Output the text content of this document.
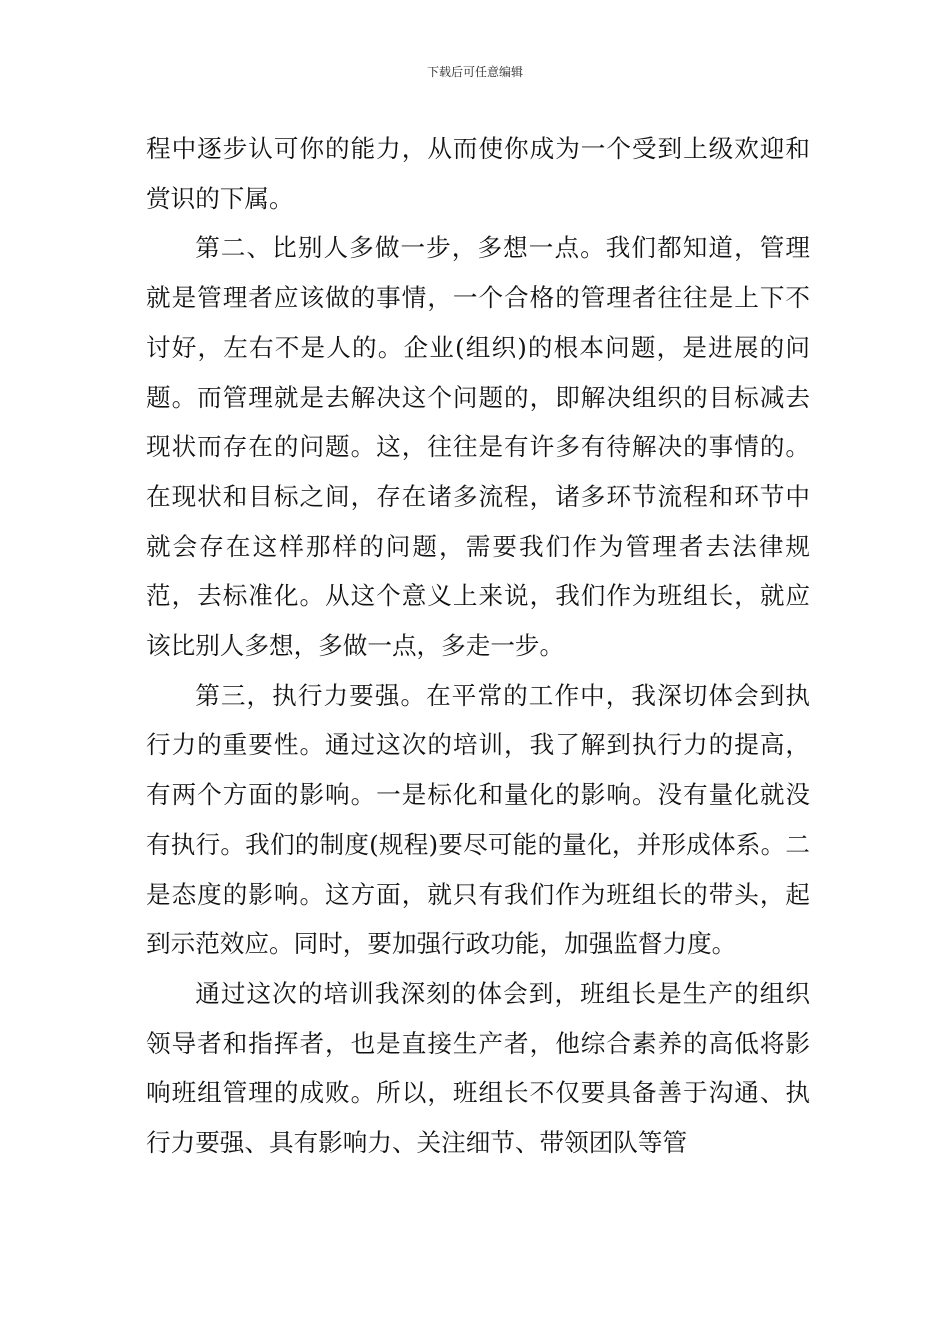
下载后可任意编辑

程中逐步认可你的能力，从而使你成为一个受到上级欢迎和赏识的下属。

第二、比别人多做一步，多想一点。我们都知道，管理就是管理者应该做的事情，一个合格的管理者往往是上下不讨好，左右不是人的。企业(组织)的根本问题，是进展的问题。而管理就是去解决这个问题的，即解决组织的目标减去现状而存在的问题。这，往往是有许多有待解决的事情的。在现状和目标之间，存在诸多流程，诸多环节流程和环节中就会存在这样那样的问题，需要我们作为管理者去法律规范，去标准化。从这个意义上来说，我们作为班组长，就应该比别人多想，多做一点，多走一步。

第三，执行力要强。在平常的工作中，我深切体会到执行力的重要性。通过这次的培训，我了解到执行力的提高，有两个方面的影响。一是标化和量化的影响。没有量化就没有执行。我们的制度(规程)要尽可能的量化，并形成体系。二是态度的影响。这方面，就只有我们作为班组长的带头，起到示范效应。同时，要加强行政功能，加强监督力度。

通过这次的培训我深刻的体会到，班组长是生产的组织领导者和指挥者，也是直接生产者，他综合素养的高低将影响班组管理的成败。所以，班组长不仅要具备善于沟通、执行力要强、具有影响力、关注细节、带领团队等管
